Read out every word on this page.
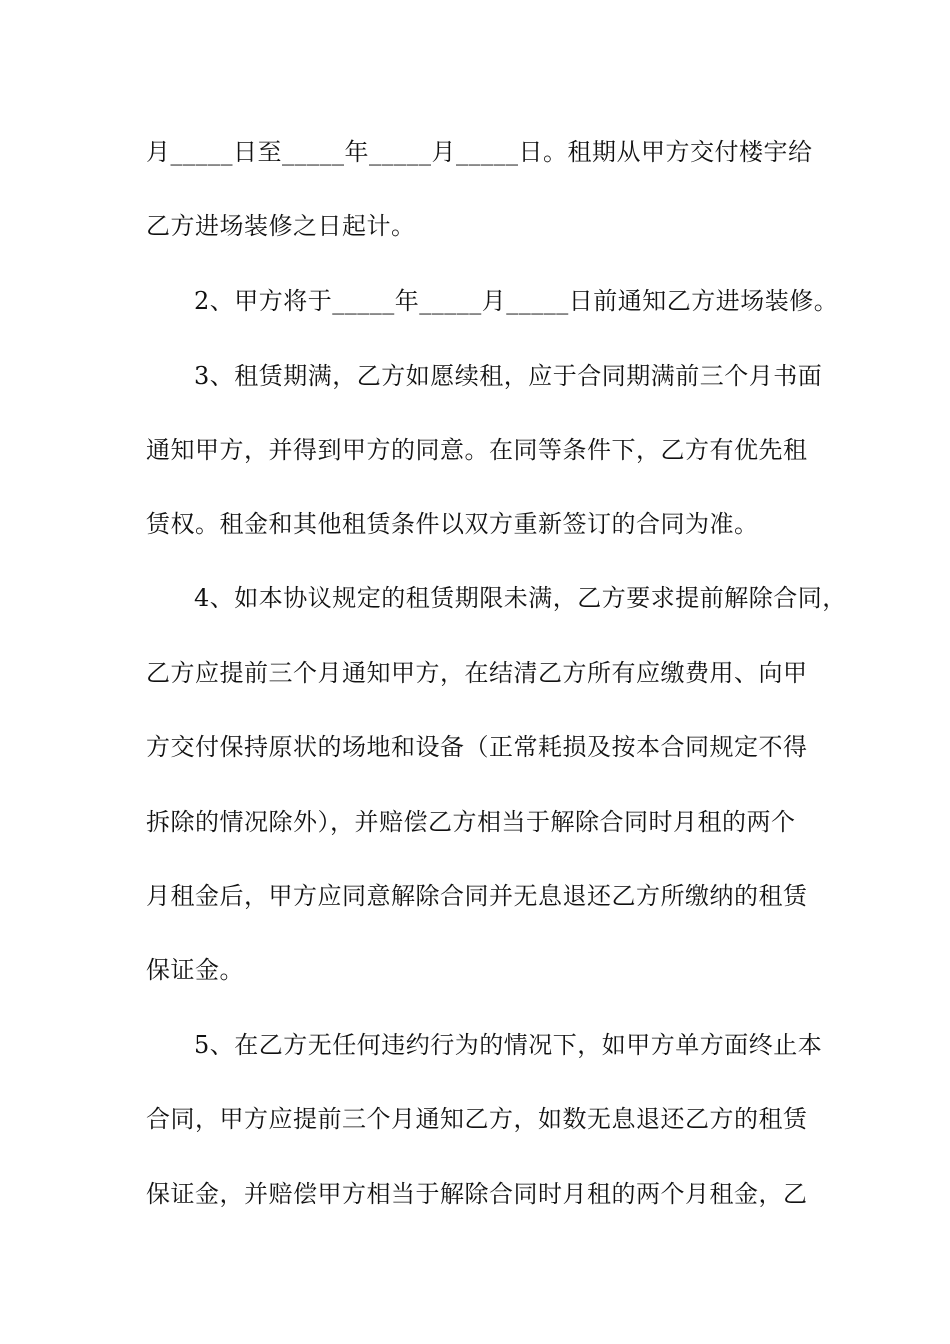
月_____日至_____年_____月_____日。租期从甲方交付楼宇给
乙方进场装修之日起计。
2、甲方将于_____年_____月_____日前通知乙方进场装修。
3、租赁期满，乙方如愿续租，应于合同期满前三个月书面
通知甲方，并得到甲方的同意。在同等条件下，乙方有优先租
赁权。租金和其他租赁条件以双方重新签订的合同为准。
4、如本协议规定的租赁期限未满，乙方要求提前解除合同，
乙方应提前三个月通知甲方，在结清乙方所有应缴费用、向甲
方交付保持原状的场地和设备（正常耗损及按本合同规定不得
拆除的情况除外），并赔偿乙方相当于解除合同时月租的两个
月租金后，甲方应同意解除合同并无息退还乙方所缴纳的租赁
保证金。
5、在乙方无任何违约行为的情况下，如甲方单方面终止本
合同，甲方应提前三个月通知乙方，如数无息退还乙方的租赁
保证金，并赔偿甲方相当于解除合同时月租的两个月租金，乙
